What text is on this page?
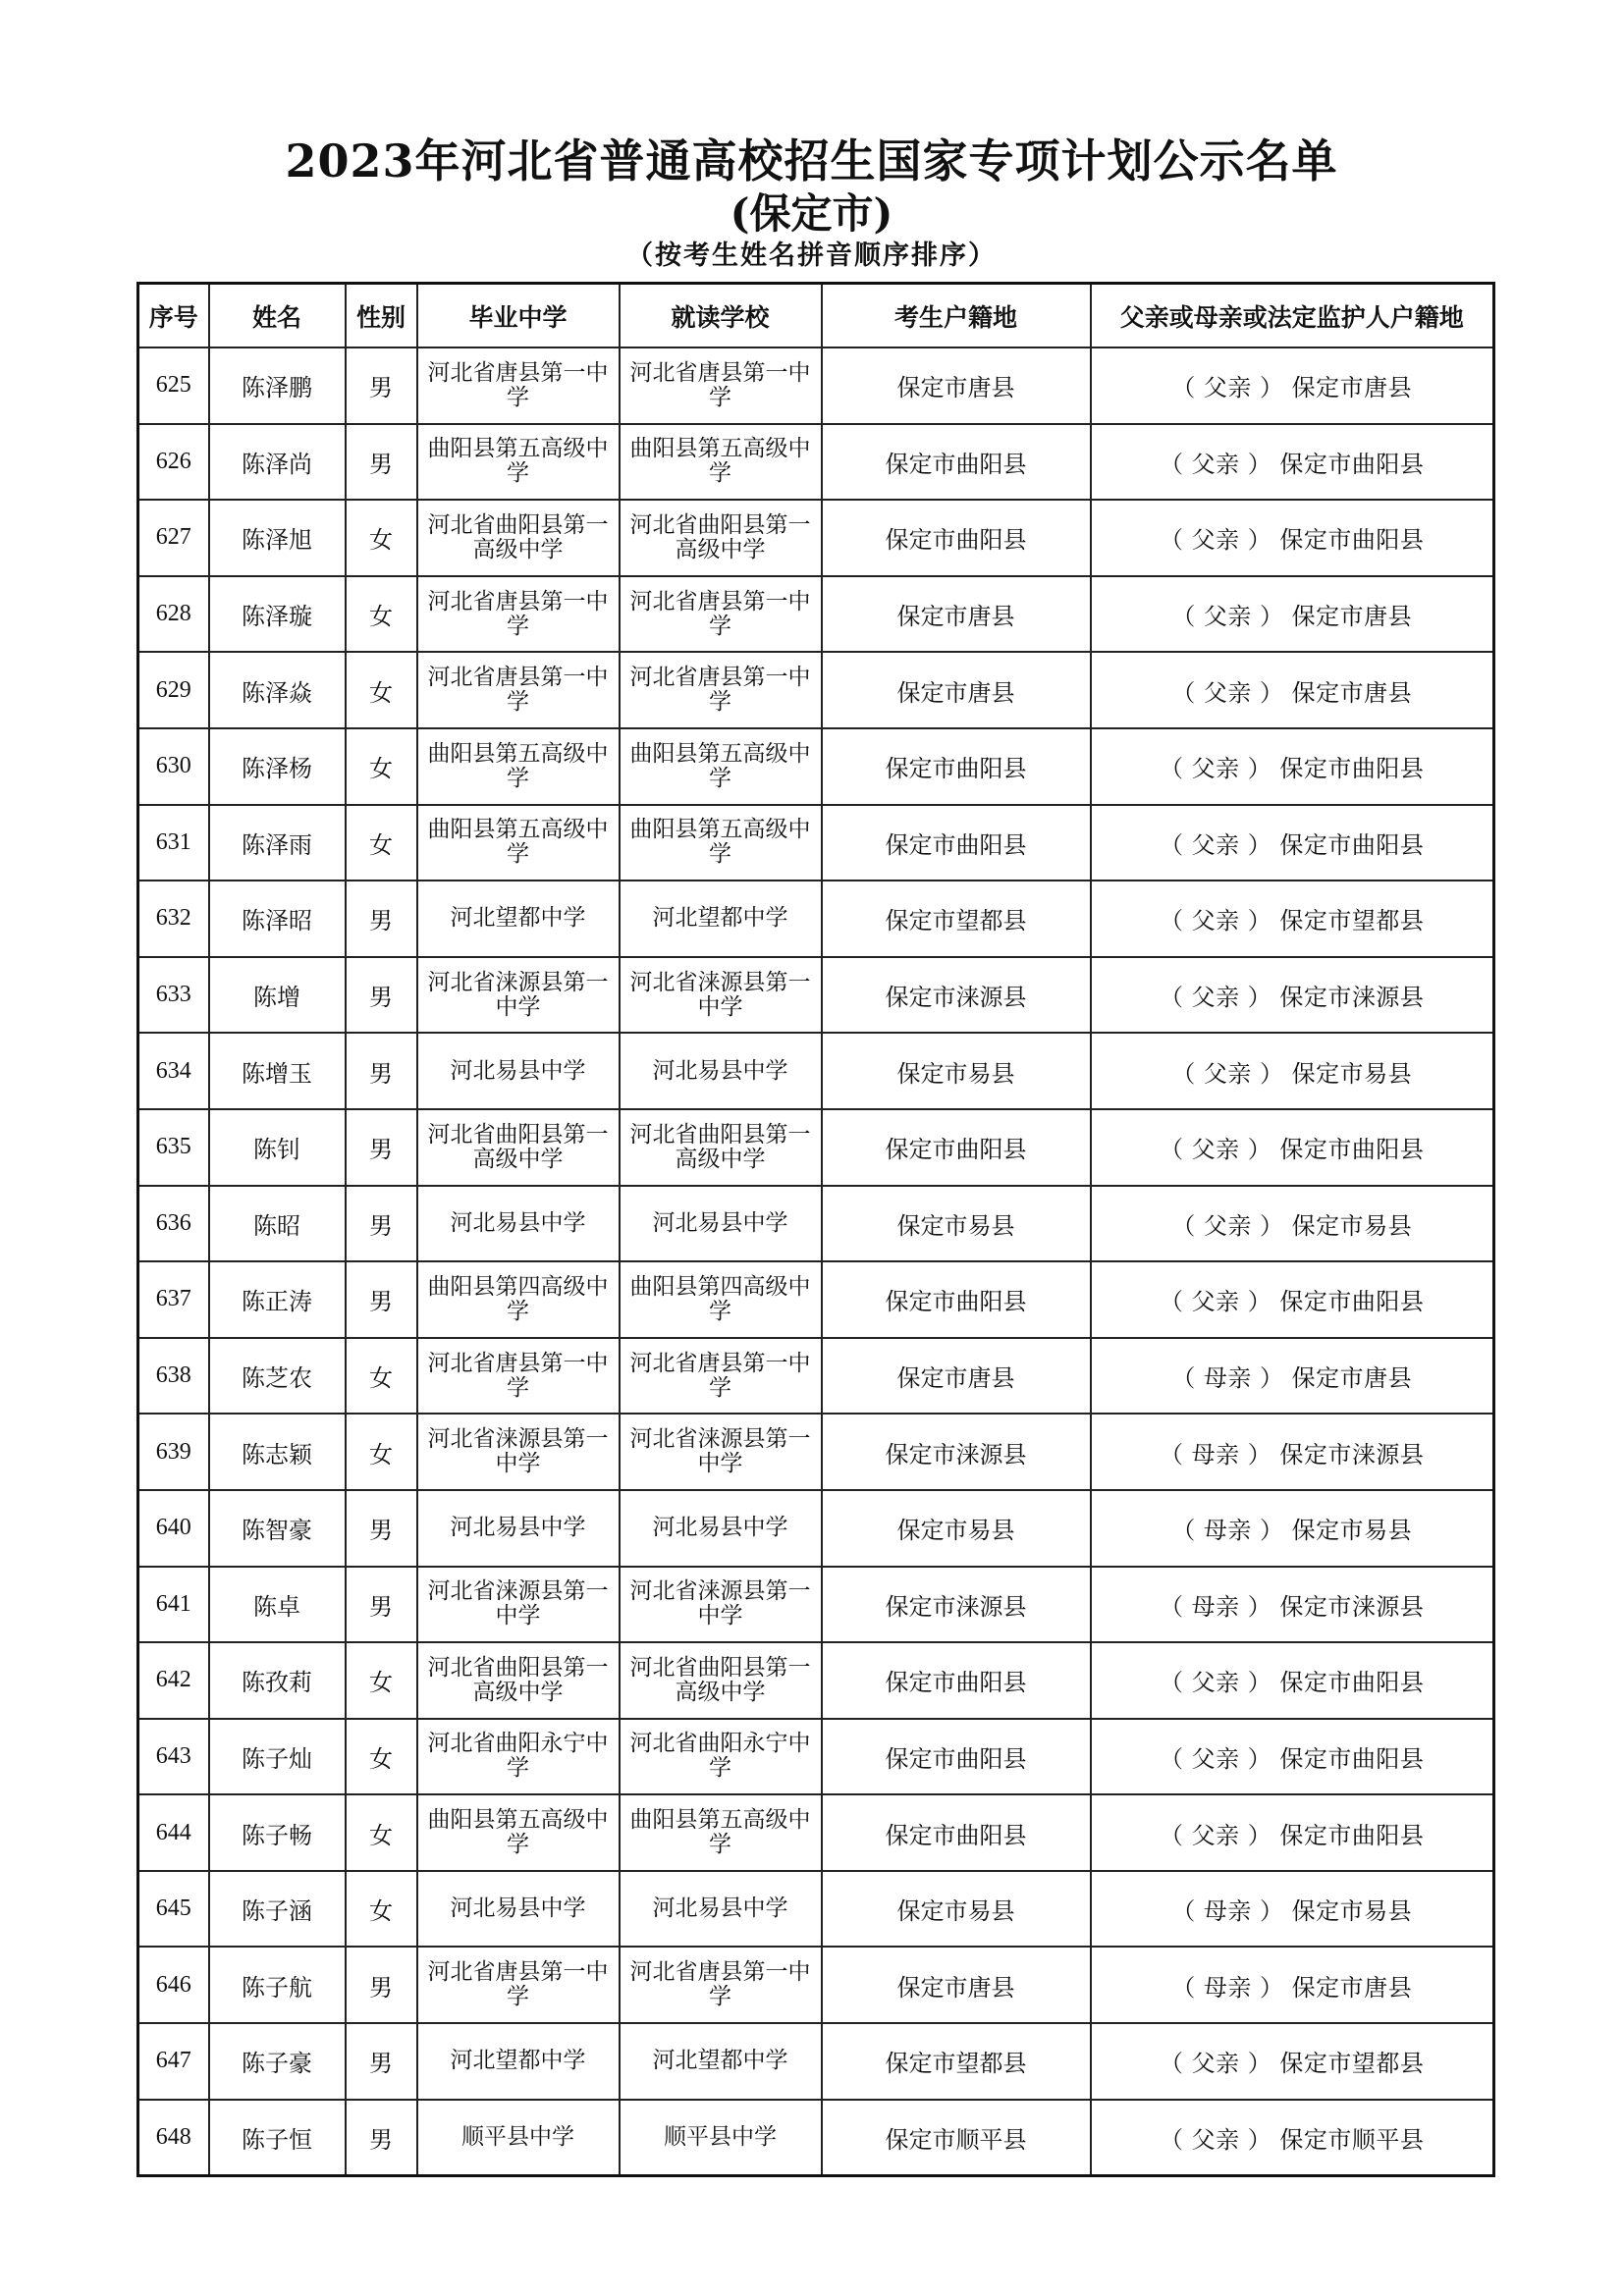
2023年河北省普通高校招生国家专项计划公示名单
(保定市)
（按考生姓名拼音顺序排序）
序号	姓名	性别	毕业中学	就读学校	考生户籍地	父亲或母亲或法定监护人户籍地
625	陈泽鹏	男	河北省唐县第一中学	河北省唐县第一中学	保定市唐县	（ 父亲 ） 保定市唐县
626	陈泽尚	男	曲阳县第五高级中学	曲阳县第五高级中学	保定市曲阳县	（ 父亲 ） 保定市曲阳县
627	陈泽旭	女	河北省曲阳县第一高级中学	河北省曲阳县第一高级中学	保定市曲阳县	（ 父亲 ） 保定市曲阳县
628	陈泽璇	女	河北省唐县第一中学	河北省唐县第一中学	保定市唐县	（ 父亲 ） 保定市唐县
629	陈泽焱	女	河北省唐县第一中学	河北省唐县第一中学	保定市唐县	（ 父亲 ） 保定市唐县
630	陈泽杨	女	曲阳县第五高级中学	曲阳县第五高级中学	保定市曲阳县	（ 父亲 ） 保定市曲阳县
631	陈泽雨	女	曲阳县第五高级中学	曲阳县第五高级中学	保定市曲阳县	（ 父亲 ） 保定市曲阳县
632	陈泽昭	男	河北望都中学	河北望都中学	保定市望都县	（ 父亲 ） 保定市望都县
633	陈增	男	河北省涞源县第一中学	河北省涞源县第一中学	保定市涞源县	（ 父亲 ） 保定市涞源县
634	陈增玉	男	河北易县中学	河北易县中学	保定市易县	（ 父亲 ） 保定市易县
635	陈钊	男	河北省曲阳县第一高级中学	河北省曲阳县第一高级中学	保定市曲阳县	（ 父亲 ） 保定市曲阳县
636	陈昭	男	河北易县中学	河北易县中学	保定市易县	（ 父亲 ） 保定市易县
637	陈正涛	男	曲阳县第四高级中学	曲阳县第四高级中学	保定市曲阳县	（ 父亲 ） 保定市曲阳县
638	陈芝农	女	河北省唐县第一中学	河北省唐县第一中学	保定市唐县	（ 母亲 ） 保定市唐县
639	陈志颖	女	河北省涞源县第一中学	河北省涞源县第一中学	保定市涞源县	（ 母亲 ） 保定市涞源县
640	陈智豪	男	河北易县中学	河北易县中学	保定市易县	（ 母亲 ） 保定市易县
641	陈卓	男	河北省涞源县第一中学	河北省涞源县第一中学	保定市涞源县	（ 母亲 ） 保定市涞源县
642	陈孜莉	女	河北省曲阳县第一高级中学	河北省曲阳县第一高级中学	保定市曲阳县	（ 父亲 ） 保定市曲阳县
643	陈子灿	女	河北省曲阳永宁中学	河北省曲阳永宁中学	保定市曲阳县	（ 父亲 ） 保定市曲阳县
644	陈子畅	女	曲阳县第五高级中学	曲阳县第五高级中学	保定市曲阳县	（ 父亲 ） 保定市曲阳县
645	陈子涵	女	河北易县中学	河北易县中学	保定市易县	（ 母亲 ） 保定市易县
646	陈子航	男	河北省唐县第一中学	河北省唐县第一中学	保定市唐县	（ 母亲 ） 保定市唐县
647	陈子豪	男	河北望都中学	河北望都中学	保定市望都县	（ 父亲 ） 保定市望都县
648	陈子恒	男	顺平县中学	顺平县中学	保定市顺平县	（ 父亲 ） 保定市顺平县
